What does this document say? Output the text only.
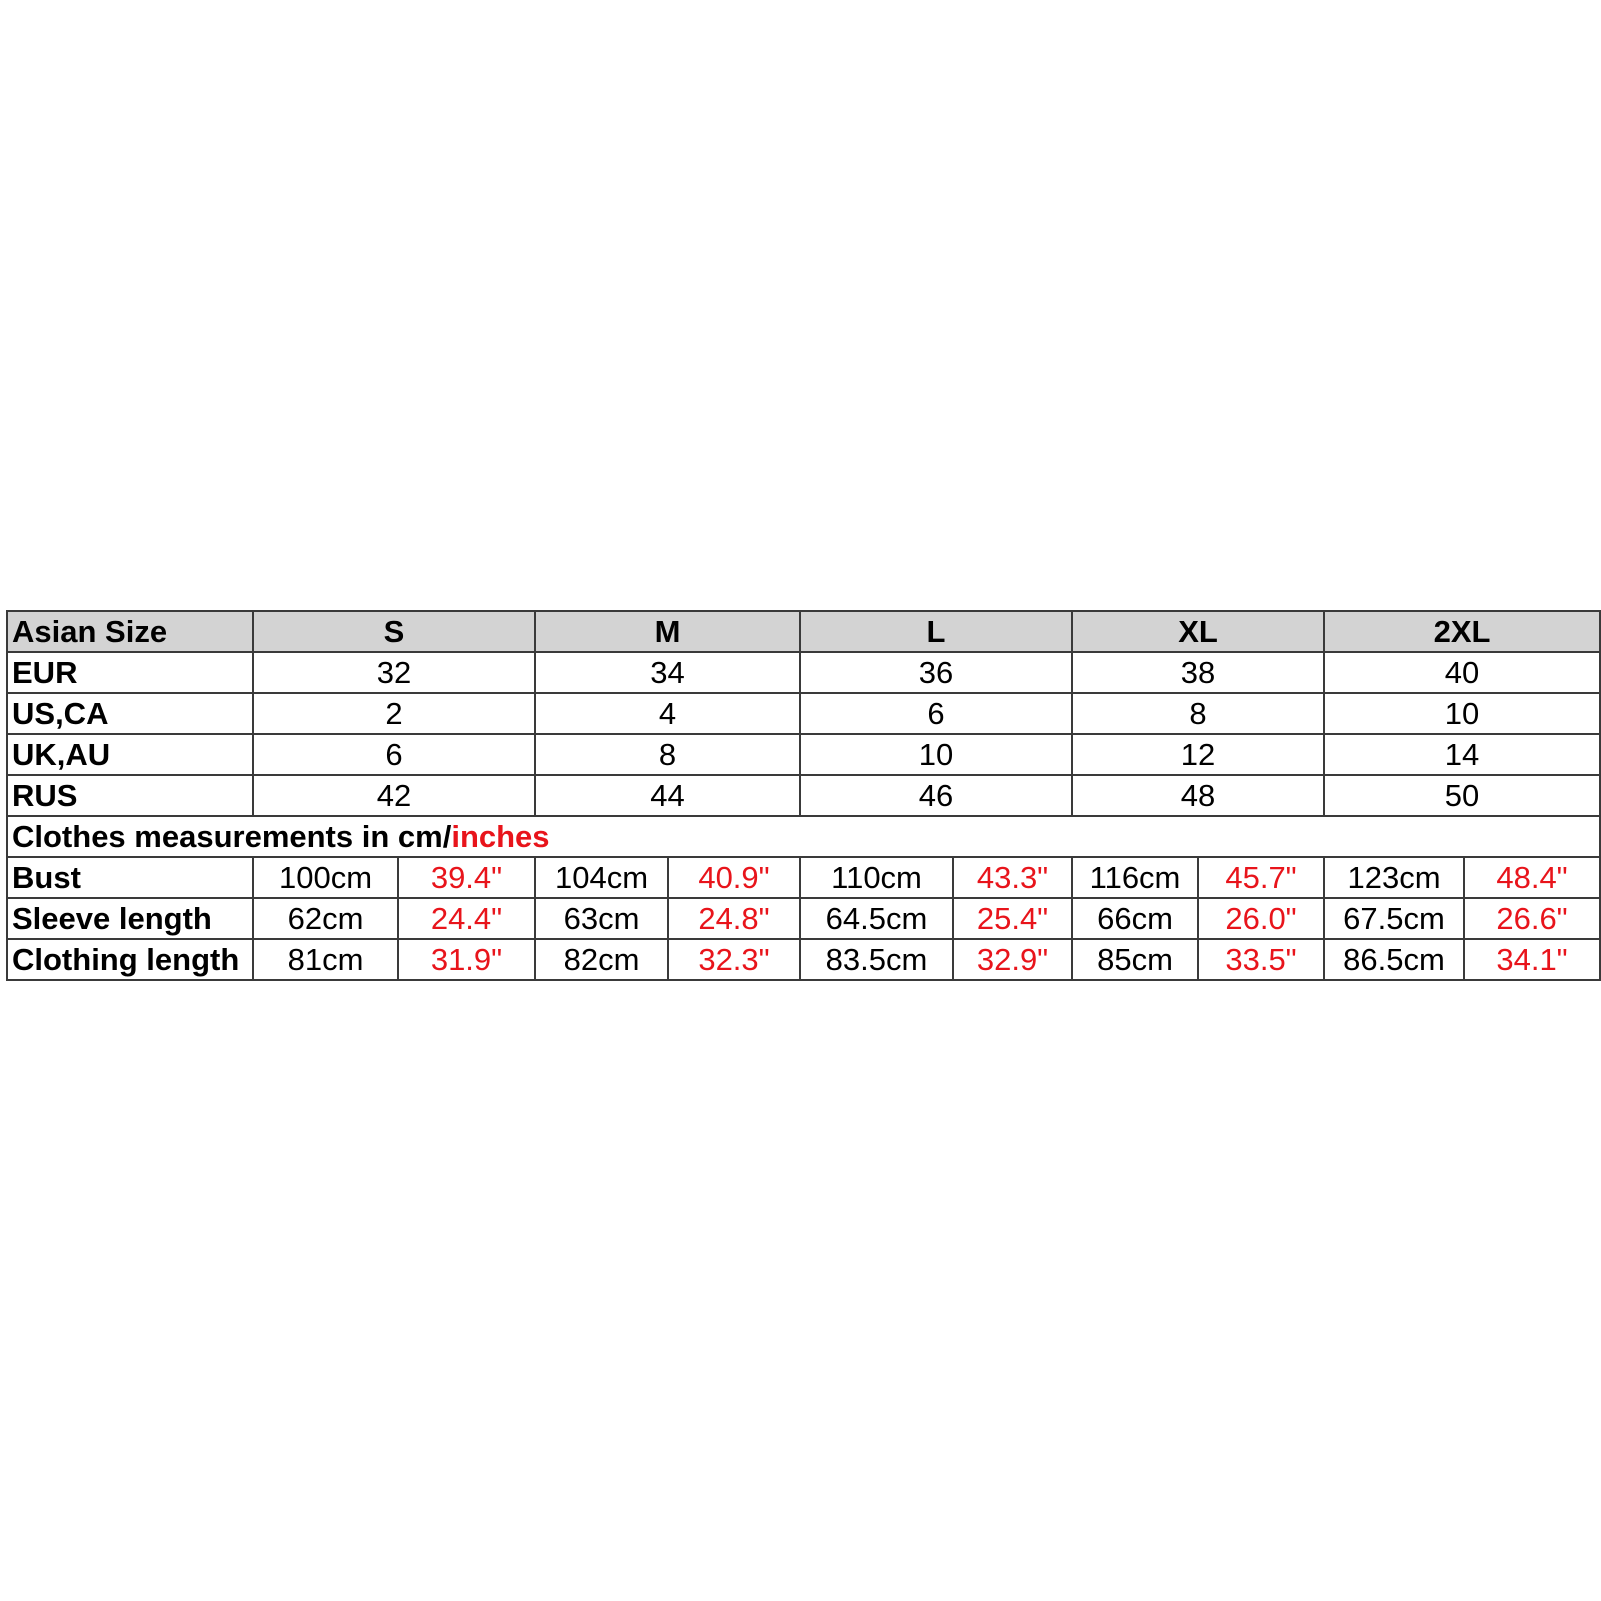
Asian Size	S		M		L		XL		2XL	
EUR	32		34		36		38		40	
US,CA	2		4		6		8		10	
UK,AU	6		8		10		12		14	
RUS	42		44		46		48		50	
Clothes measurements in cm/inches										
Bust	100cm	39.4"	104cm	40.9"	110cm	43.3"	116cm	45.7"	123cm	48.4"
Sleeve length	62cm	24.4"	63cm	24.8"	64.5cm	25.4"	66cm	26.0"	67.5cm	26.6"
Clothing length	81cm	31.9"	82cm	32.3"	83.5cm	32.9"	85cm	33.5"	86.5cm	34.1"
